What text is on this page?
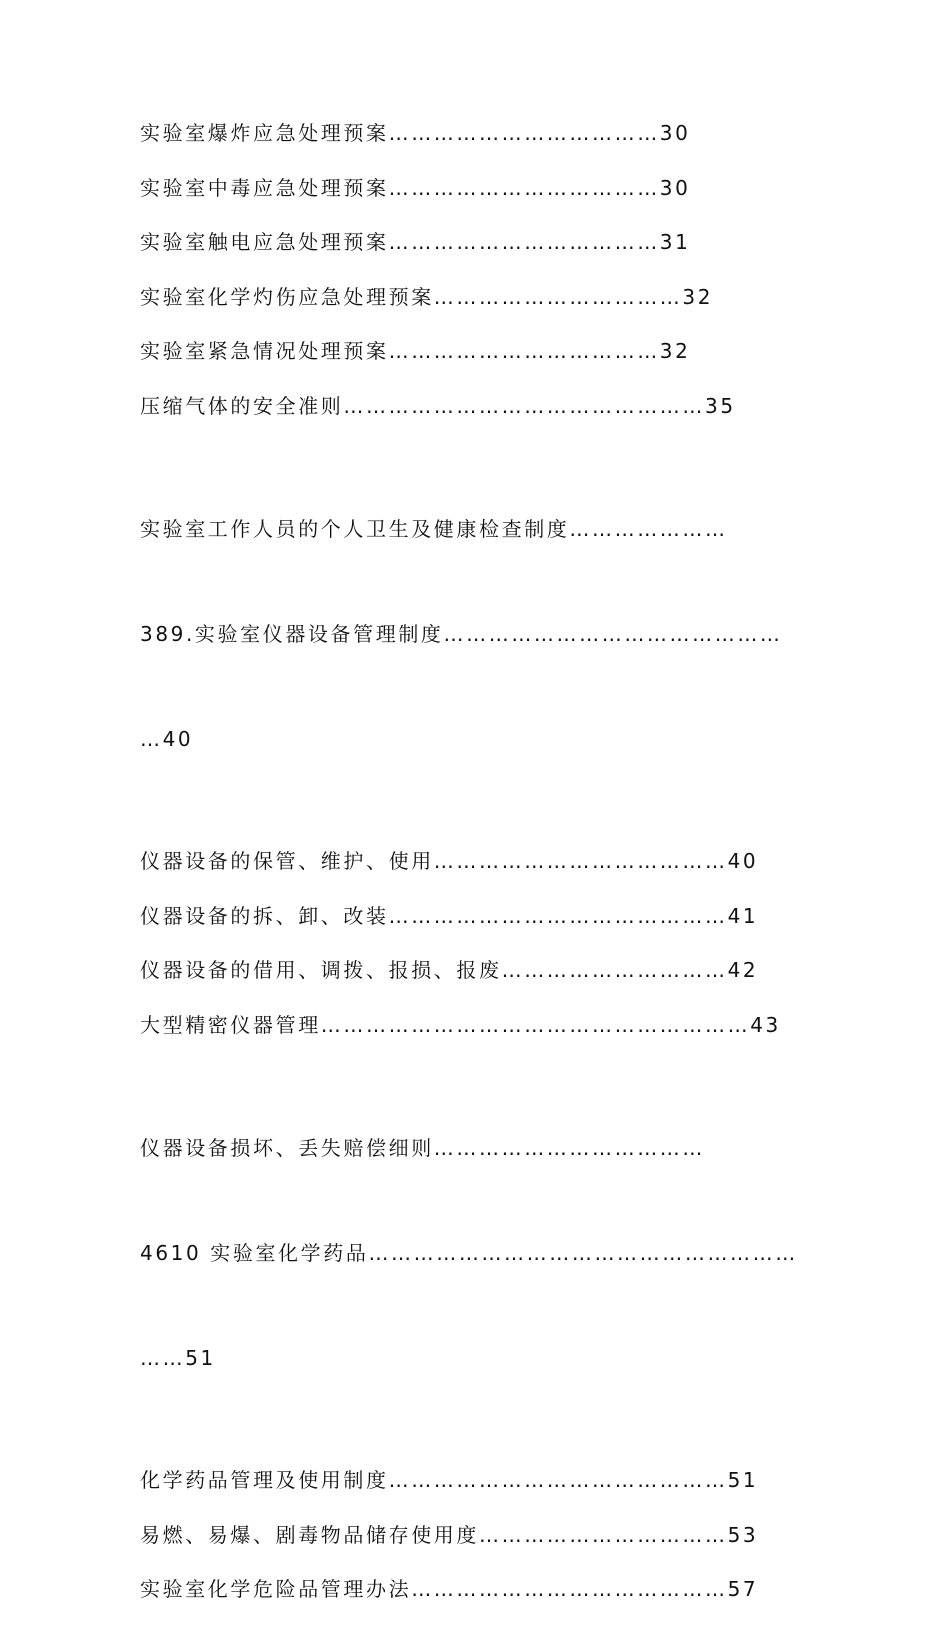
实验室爆炸应急处理预案………………………………30

实验室中毒应急处理预案………………………………30

实验室触电应急处理预案………………………………31

实验室化学灼伤应急处理预案……………………………32

实验室紧急情况处理预案………………………………32

压缩气体的安全准则…………………………………………35

实验室工作人员的个人卫生及健康检查制度…………………

389.实验室仪器设备管理制度………………………………………

…40

仪器设备的保管、维护、使用…………………………………40

仪器设备的拆、卸、改装………………………………………41

仪器设备的借用、调拨、报损、报废…………………………42

大型精密仪器管理…………………………………………………43

仪器设备损坏、丢失赔偿细则………………………………

4610 实验室化学药品…………………………………………………

……51

化学药品管理及使用制度………………………………………51

易燃、易爆、剧毒物品储存使用度……………………………53

实验室化学危险品管理办法……………………………………57
